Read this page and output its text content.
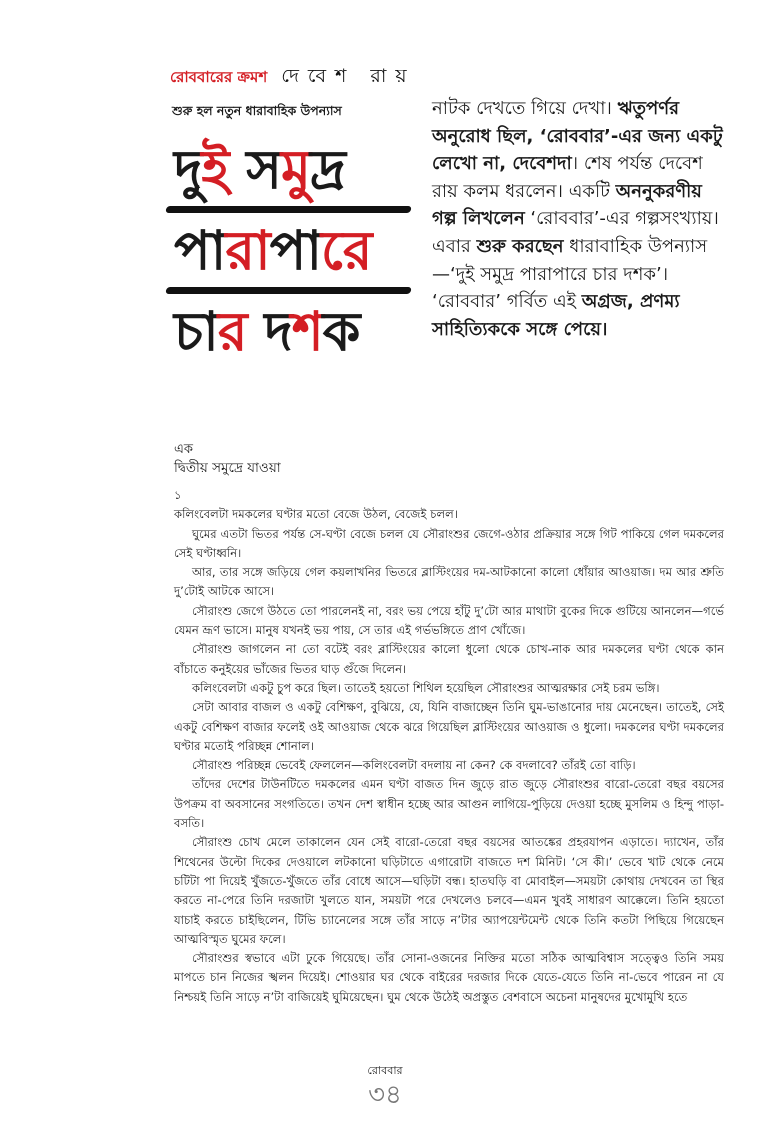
রোববারের ক্রমশ দেবেশ রায়
শুরু হল নতুন ধারাবাহিক উপন্যাস
দুই সমুদ্র
পারাপারে
চার দশক
নাটক দেখতে গিয়ে দেখা। ঋতুপর্ণর অনুরোধ ছিল, ‘রোববার’-এর জন্য একটু লেখো না, দেবেশদা। শেষ পর্যন্ত দেবেশ রায় কলম ধরলেন। একটি অননুকরণীয় গল্প লিখলেন ‘রোববার’-এর গল্পসংখ্যায়। এবার শুরু করছেন ধারাবাহিক উপন্যাস—‘দুই সমুদ্র পারাপারে চার দশক’। ‘রোববার’ গর্বিত এই অগ্রজ, প্রণম্য সাহিত্যিককে সঙ্গে পেয়ে।
এক
দ্বিতীয় সমুদ্রে যাওয়া

১

কলিংবেলটা দমকলের ঘণ্টার মতো বেজে উঠল, বেজেই চলল।

ঘুমের এতটা ভিতর পর্যন্ত সে-ঘণ্টা বেজে চলল যে সৌরাংশুর জেগে-ওঠার প্রক্রিয়ার সঙ্গে গিট পাকিয়ে গেল দমকলের সেই ঘণ্টাধ্বনি।

আর, তার সঙ্গে জড়িয়ে গেল কয়লাখনির ভিতরে ব্লাস্টিংয়ের দম-আটকানো কালো ধোঁয়ার আওয়াজ। দম আর শ্রুতি দু’টোই আটকে আসে।

সৌরাংশু জেগে উঠতে তো পারলেনই না, বরং ভয় পেয়ে হাঁটু দু’টো আর মাথাটা বুকের দিকে গুটিয়ে আনলেন—গর্ভে যেমন ভ্রূণ ভাসে। মানুষ যখনই ভয় পায়, সে তার এই গর্ভভঙ্গিতে প্রাণ খোঁজে।

সৌরাংশু জাগলেন না তো বটেই বরং ব্লাস্টিংয়ের কালো ধুলো থেকে চোখ-নাক আর দমকলের ঘণ্টা থেকে কান বাঁচাতে কনুইয়ের ভাঁজের ভিতর ঘাড় গুঁজে দিলেন।

কলিংবেলটা একটু চুপ করে ছিল। তাতেই হয়তো শিথিল হয়েছিল সৌরাংশুর আত্মরক্ষার সেই চরম ভঙ্গি।

সেটা আবার বাজল ও একটু বেশিক্ষণ, বুঝিয়ে, যে, যিনি বাজাচ্ছেন তিনি ঘুম-ভাঙানোর দায় মেনেছেন। তাতেই, সেই একটু বেশিক্ষণ বাজার ফলেই ওই আওয়াজ থেকে ঝরে গিয়েছিল ব্লাস্টিংয়ের আওয়াজ ও ধুলো। দমকলের ঘণ্টা দমকলের ঘণ্টার মতোই পরিচ্ছন্ন শোনাল।

সৌরাংশু পরিচ্ছন্ন ভেবেই ফেললেন—কলিংবেলটা বদলায় না কেন? কে বদলাবে? তাঁরই তো বাড়ি।

তাঁদের দেশের টাউনটিতে দমকলের এমন ঘণ্টা বাজত দিন জুড়ে রাত জুড়ে সৌরাংশুর বারো-তেরো বছর বয়সের উপক্রম বা অবসানের সংগতিতে। তখন দেশ স্বাধীন হচ্ছে আর আগুন লাগিয়ে-পুড়িয়ে দেওয়া হচ্ছে মুসলিম ও হিন্দু পাড়া-বসতি।

সৌরাংশু চোখ মেলে তাকালেন যেন সেই বারো-তেরো বছর বয়সের আতঙ্কের প্রহরযাপন এড়াতে। দ্যাখেন, তাঁর শিথেনের উল্টো দিকের দেওয়ালে লটকানো ঘড়িটাতে এগারোটা বাজতে দশ মিনিট। ‘সে কী।’ ভেবে খাট থেকে নেমে চটিটা পা দিয়েই খুঁজতে-খুঁজতে তাঁর বোধে আসে—ঘড়িটা বন্ধ। হাতঘড়ি বা মোবাইল—সময়টা কোথায় দেখবেন তা স্থির করতে না-পেরে তিনি দরজাটা খুলতে যান, সময়টা পরে দেখলেও চলবে—এমন খুবই সাধারণ আক্কেলে। তিনি হয়তো যাচাই করতে চাইছিলেন, টিভি চ্যানেলের সঙ্গে তাঁর সাড়ে ন’টার অ্যাপয়েন্টমেন্ট থেকে তিনি কতটা পিছিয়ে গিয়েছেন আত্মবিস্মৃত ঘুমের ফলে।

সৌরাংশুর স্বভাবে এটা ঢুকে গিয়েছে। তাঁর সোনা-ওজনের নিক্তির মতো সঠিক আত্মবিশ্বাস সত্ত্বেও তিনি সময় মাপতে চান নিজের স্খলন দিয়েই। শোওয়ার ঘর থেকে বাইরের দরজার দিকে যেতে-যেতে তিনি না-ভেবে পারেন না যে নিশ্চয়ই তিনি সাড়ে ন’টা বাজিয়েই ঘুমিয়েছেন। ঘুম থেকে উঠেই অপ্রস্তুত বেশবাসে অচেনা মানুষদের মুখোমুখি হতে

রোববার
৩৪
